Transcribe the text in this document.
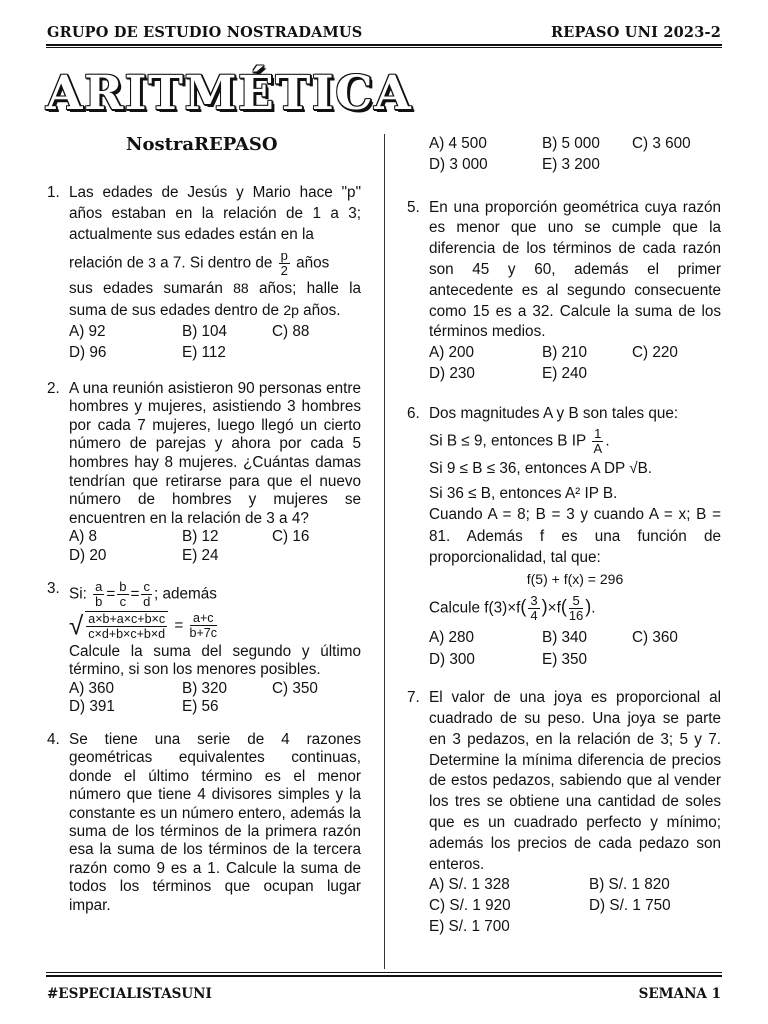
GRUPO DE ESTUDIO NOSTRADAMUS	REPASO UNI 2023-2
ARITMÉTICA
NostraREPASO
1. Las edades de Jesús y Mario hace "p" años estaban en la relación de 1 a 3; actualmente sus edades están en la
relación de 3 a 7. Si dentro de $\frac{p}{2}$ años
sus edades sumarán 88 años; halle la suma de sus edades dentro de 2p años.
A) 92	B) 104	C) 88
D) 96	E) 112
2. A una reunión asistieron 90 personas entre hombres y mujeres, asistiendo 3 hombres por cada 7 mujeres, luego llegó un cierto número de parejas y ahora por cada 5 hombres hay 8 mujeres. ¿Cuántas damas tendrían que retirarse para que el nuevo número de hombres y mujeres se encuentren en la relación de 3 a 4?
A) 8	B) 12	C) 16
D) 20	E) 24
3. Si: $\frac{a}{b} = \frac{b}{c} = \frac{c}{d}$ ; además
√ $\frac{a\times b+a\times c+b\times c}{c\times d+b\times c+b\times d} = \frac{a+c}{b+7c}$
Calcule la suma del segundo y último término, si son los menores posibles.
A) 360	B) 320	C) 350
D) 391	E) 56
4. Se tiene una serie de 4 razones geométricas equivalentes continuas, donde el último término es el menor número que tiene 4 divisores simples y la constante es un número entero, además la suma de los términos de la primera razón esa la suma de los términos de la tercera razón como 9 es a 1. Calcule la suma de todos los términos que ocupan lugar impar.
A) 4 500	B) 5 000	C) 3 600
D) 3 000	E) 3 200
5. En una proporción geométrica cuya razón es menor que uno se cumple que la diferencia de los términos de cada razón son 45 y 60, además el primer antecedente es al segundo consecuente como 15 es a 32. Calcule la suma de los términos medios.
A) 200	B) 210	C) 220
D) 230	E) 240
6. Dos magnitudes A y B son tales que:
Si B ≤ 9, entonces B IP $\frac{1}{A}$ .
Si 9 ≤ B ≤ 36, entonces A DP √B.
Si 36 ≤ B, entonces A² IP B.
Cuando A = 8; B = 3 y cuando A = x; B = 81. Además f es una función de proporcionalidad, tal que:
f(5) + f(x) = 296
Calcule $f(3)\times f( \frac{3}{4} )\times f( \frac{5}{16}$ ).
A) 280	B) 340	C) 360
D) 300	E) 350
7. El valor de una joya es proporcional al cuadrado de su peso. Una joya se parte en 3 pedazos, en la relación de 3; 5 y 7. Determine la mínima diferencia de precios de estos pedazos, sabiendo que al vender los tres se obtiene una cantidad de soles que es un cuadrado perfecto y mínimo; además los precios de cada pedazo son enteros.
A) S/. 1 328	B) S/. 1 820
C) S/. 1 920	D) S/. 1 750
E) S/. 1 700
#ESPECIALISTASUNI	SEMANA 1
